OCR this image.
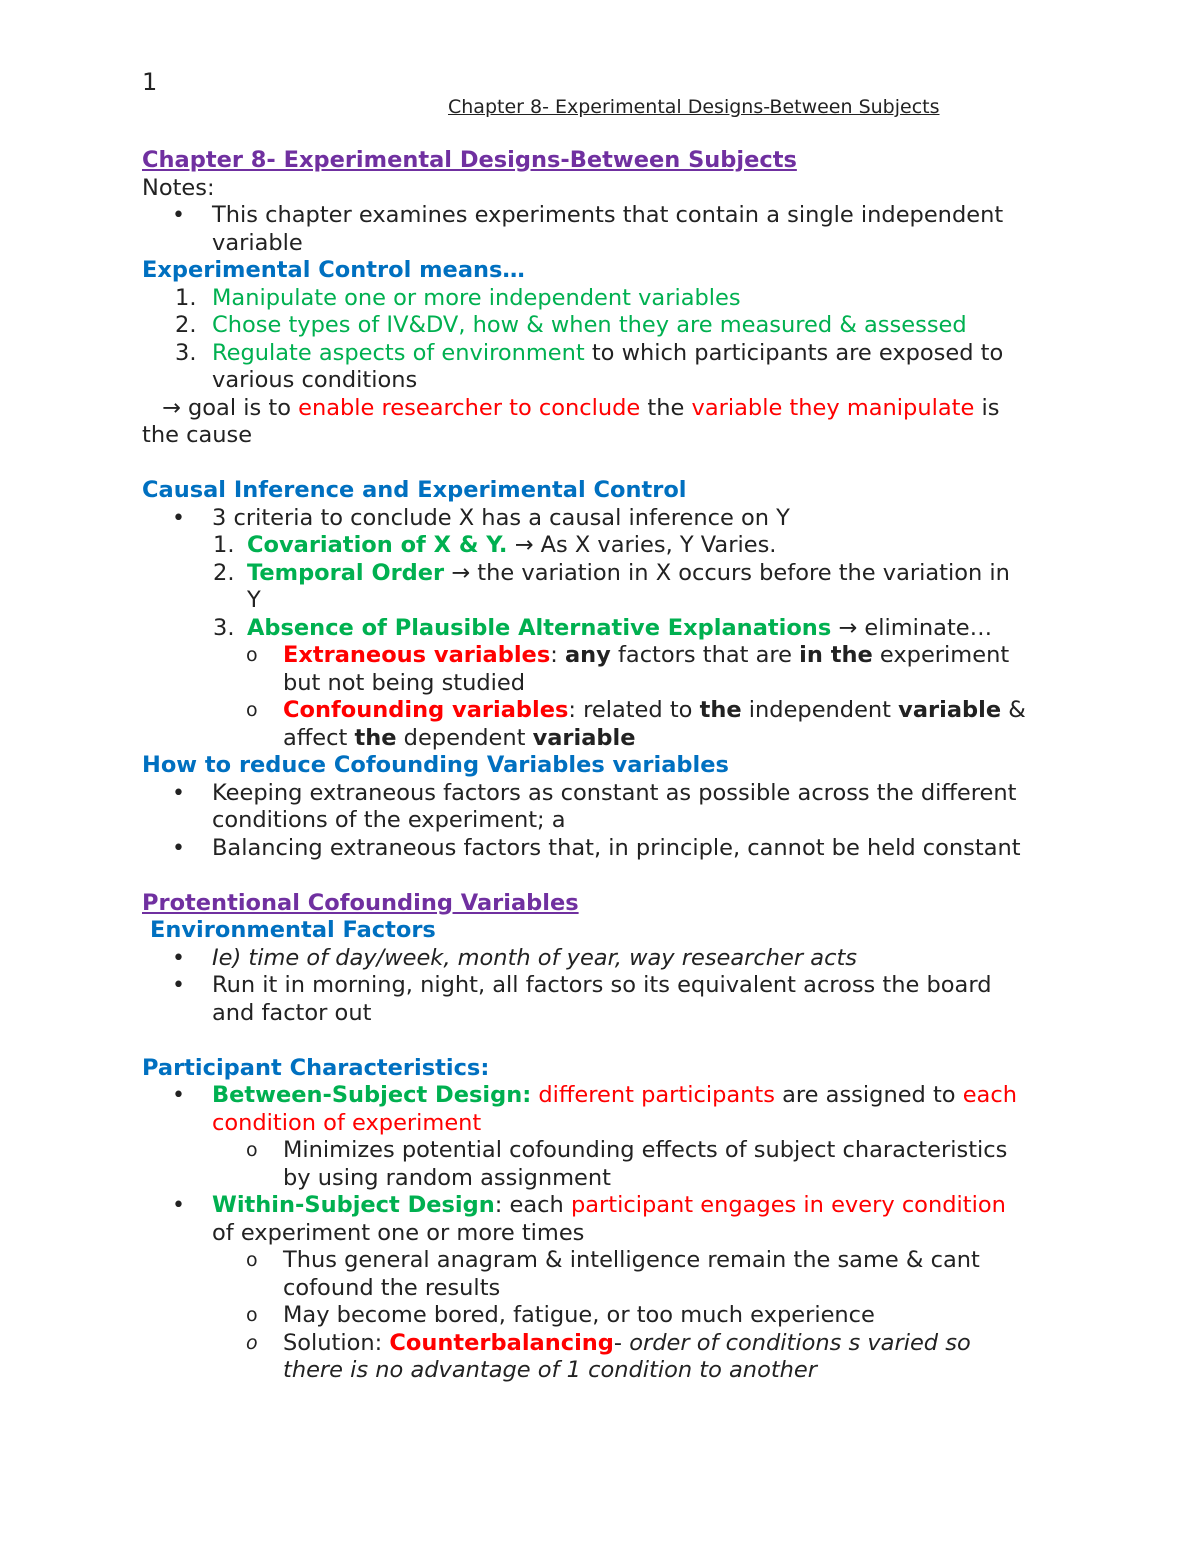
1
Chapter 8- Experimental Designs-Between Subjects
Chapter 8- Experimental Designs-Between Subjects
Notes:
• This chapter examines experiments that contain a single independent
variable
Experimental Control means…
1. Manipulate one or more independent variables
2. Chose types of IV&DV, how & when they are measured & assessed
3. Regulate aspects of environment to which participants are exposed to
various conditions
→ goal is to enable researcher to conclude the variable they manipulate is
the cause
Causal Inference and Experimental Control
• 3 criteria to conclude X has a causal inference on Y
1. Covariation of X & Y. → As X varies, Y Varies.
2. Temporal Order → the variation in X occurs before the variation in
Y
3. Absence of Plausible Alternative Explanations → eliminate…
o Extraneous variables: any factors that are in the experiment
but not being studied
o Confounding variables: related to the independent variable &
affect the dependent variable
How to reduce Cofounding Variables variables
• Keeping extraneous factors as constant as possible across the different
conditions of the experiment; a
• Balancing extraneous factors that, in principle, cannot be held constant
Protentional Cofounding Variables
Environmental Factors
• Ie) time of day/week, month of year, way researcher acts
• Run it in morning, night, all factors so its equivalent across the board
and factor out
Participant Characteristics:
• Between-Subject Design: different participants are assigned to each
condition of experiment
o Minimizes potential cofounding effects of subject characteristics
by using random assignment
• Within-Subject Design: each participant engages in every condition
of experiment one or more times
o Thus general anagram & intelligence remain the same & cant
cofound the results
o May become bored, fatigue, or too much experience
o Solution: Counterbalancing- order of conditions s varied so
there is no advantage of 1 condition to another
